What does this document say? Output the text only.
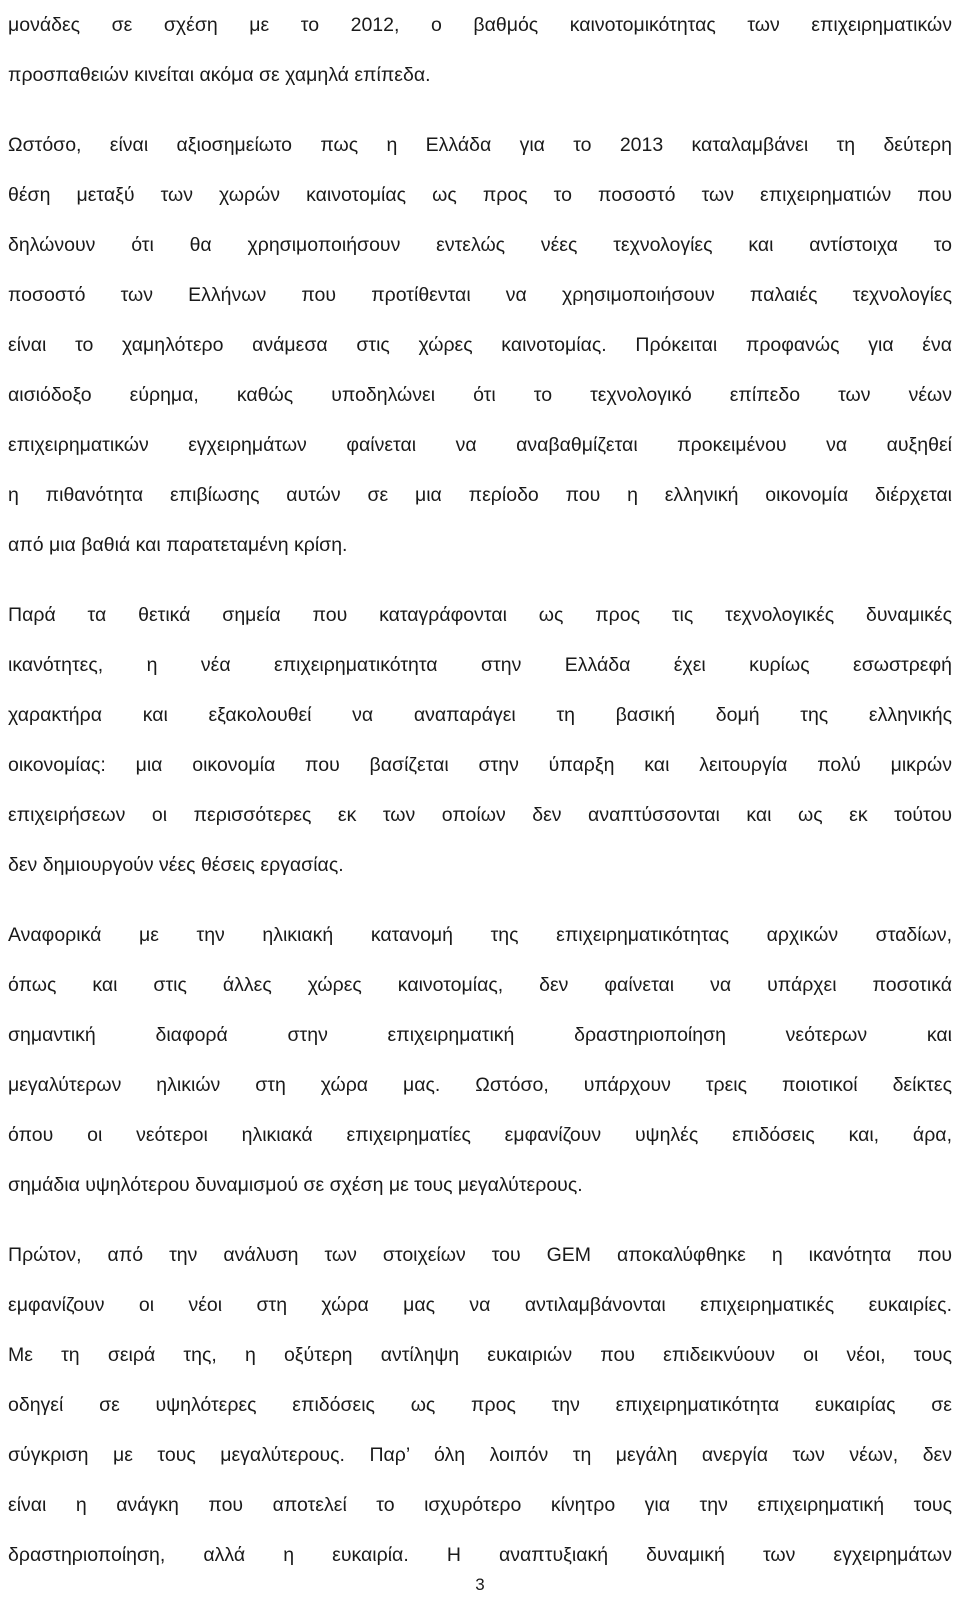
μονάδες σε σχέση με το 2012, ο βαθμός καινοτομικότητας των επιχειρηματικών
προσπαθειών κινείται ακόμα σε χαμηλά επίπεδα.
Ωστόσο, είναι αξιοσημείωτο πως η Ελλάδα για το 2013 καταλαμβάνει τη δεύτερη
θέση μεταξύ των χωρών καινοτομίας ως προς το ποσοστό των επιχειρηματιών που
δηλώνουν ότι θα χρησιμοποιήσουν εντελώς νέες τεχνολογίες και αντίστοιχα το
ποσοστό των Ελλήνων που προτίθενται να χρησιμοποιήσουν παλαιές τεχνολογίες
είναι το χαμηλότερο ανάμεσα στις χώρες καινοτομίας. Πρόκειται προφανώς για ένα
αισιόδοξο εύρημα, καθώς υποδηλώνει ότι το τεχνολογικό επίπεδο των νέων
επιχειρηματικών εγχειρημάτων φαίνεται να αναβαθμίζεται προκειμένου να αυξηθεί
η πιθανότητα επιβίωσης αυτών σε μια περίοδο που η ελληνική οικονομία διέρχεται
από μια βαθιά και παρατεταμένη κρίση.
Παρά τα θετικά σημεία που καταγράφονται ως προς τις τεχνολογικές δυναμικές
ικανότητες, η νέα επιχειρηματικότητα στην Ελλάδα έχει κυρίως εσωστρεφή
χαρακτήρα και εξακολουθεί να αναπαράγει τη βασική δομή της ελληνικής
οικονομίας: μια οικονομία που βασίζεται στην ύπαρξη και λειτουργία πολύ μικρών
επιχειρήσεων οι περισσότερες εκ των οποίων δεν αναπτύσσονται και ως εκ τούτου
δεν δημιουργούν νέες θέσεις εργασίας.
Αναφορικά με την ηλικιακή κατανομή της επιχειρηματικότητας αρχικών σταδίων,
όπως και στις άλλες χώρες καινοτομίας, δεν φαίνεται να υπάρχει ποσοτικά
σημαντική διαφορά στην επιχειρηματική δραστηριοποίηση νεότερων και
μεγαλύτερων ηλικιών στη χώρα μας. Ωστόσο, υπάρχουν τρεις ποιοτικοί δείκτες
όπου οι νεότεροι ηλικιακά επιχειρηματίες εμφανίζουν υψηλές επιδόσεις και, άρα,
σημάδια υψηλότερου δυναμισμού σε σχέση με τους μεγαλύτερους.
Πρώτον, από την ανάλυση των στοιχείων του GEM αποκαλύφθηκε η ικανότητα που
εμφανίζουν οι νέοι στη χώρα μας να αντιλαμβάνονται επιχειρηματικές ευκαιρίες.
Με τη σειρά της, η οξύτερη αντίληψη ευκαιριών που επιδεικνύουν οι νέοι, τους
οδηγεί σε υψηλότερες επιδόσεις ως προς την επιχειρηματικότητα ευκαιρίας σε
σύγκριση με τους μεγαλύτερους. Παρ’ όλη λοιπόν τη μεγάλη ανεργία των νέων, δεν
είναι η ανάγκη που αποτελεί το ισχυρότερο κίνητρο για την επιχειρηματική τους
δραστηριοποίηση, αλλά η ευκαιρία. Η αναπτυξιακή δυναμική των εγχειρημάτων
3
